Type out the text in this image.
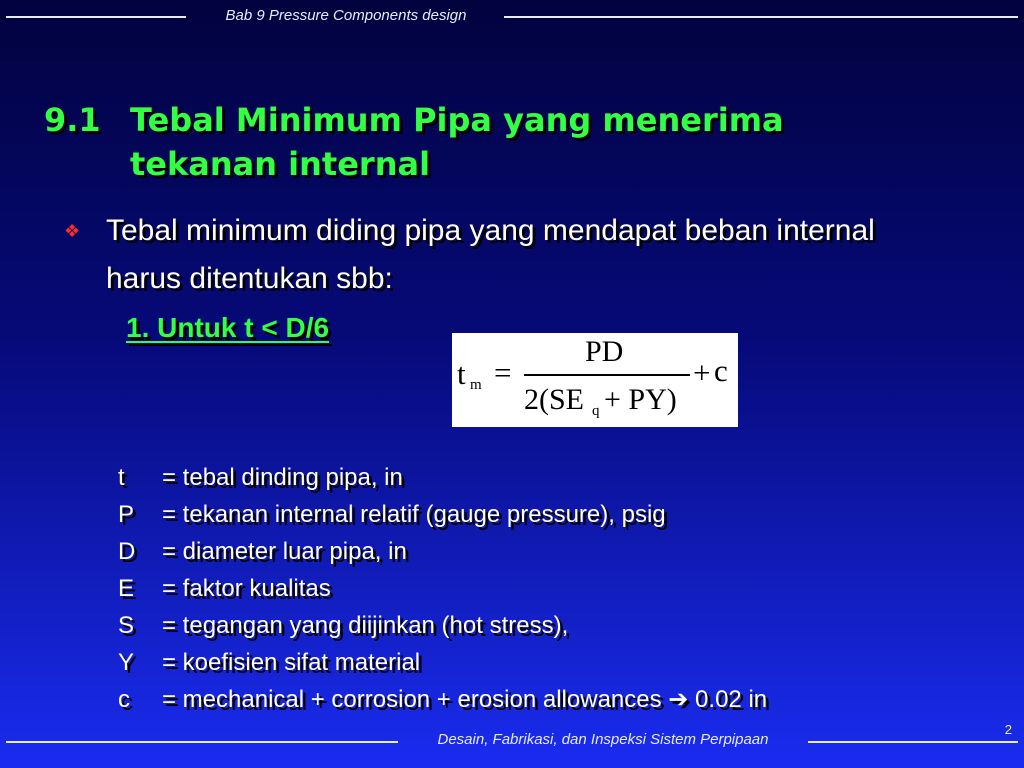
Bab 9 Pressure Components design
9.1 Tebal Minimum Pipa yang menerima
tekanan internal
❖ Tebal minimum diding pipa yang mendapat beban internal harus ditentukan sbb:
1. Untuk t < D/6
t m =
PD
2(SE q + PY)
+ c
t = tebal dinding pipa, in
P = tekanan internal relatif (gauge pressure), psig
D = diameter luar pipa, in
E = faktor kualitas
S = tegangan yang diijinkan (hot stress),
Y = koefisien sifat material
c = mechanical + corrosion + erosion allowances ➔ 0.02 in
Desain, Fabrikasi, dan Inspeksi Sistem Perpipaan
2
